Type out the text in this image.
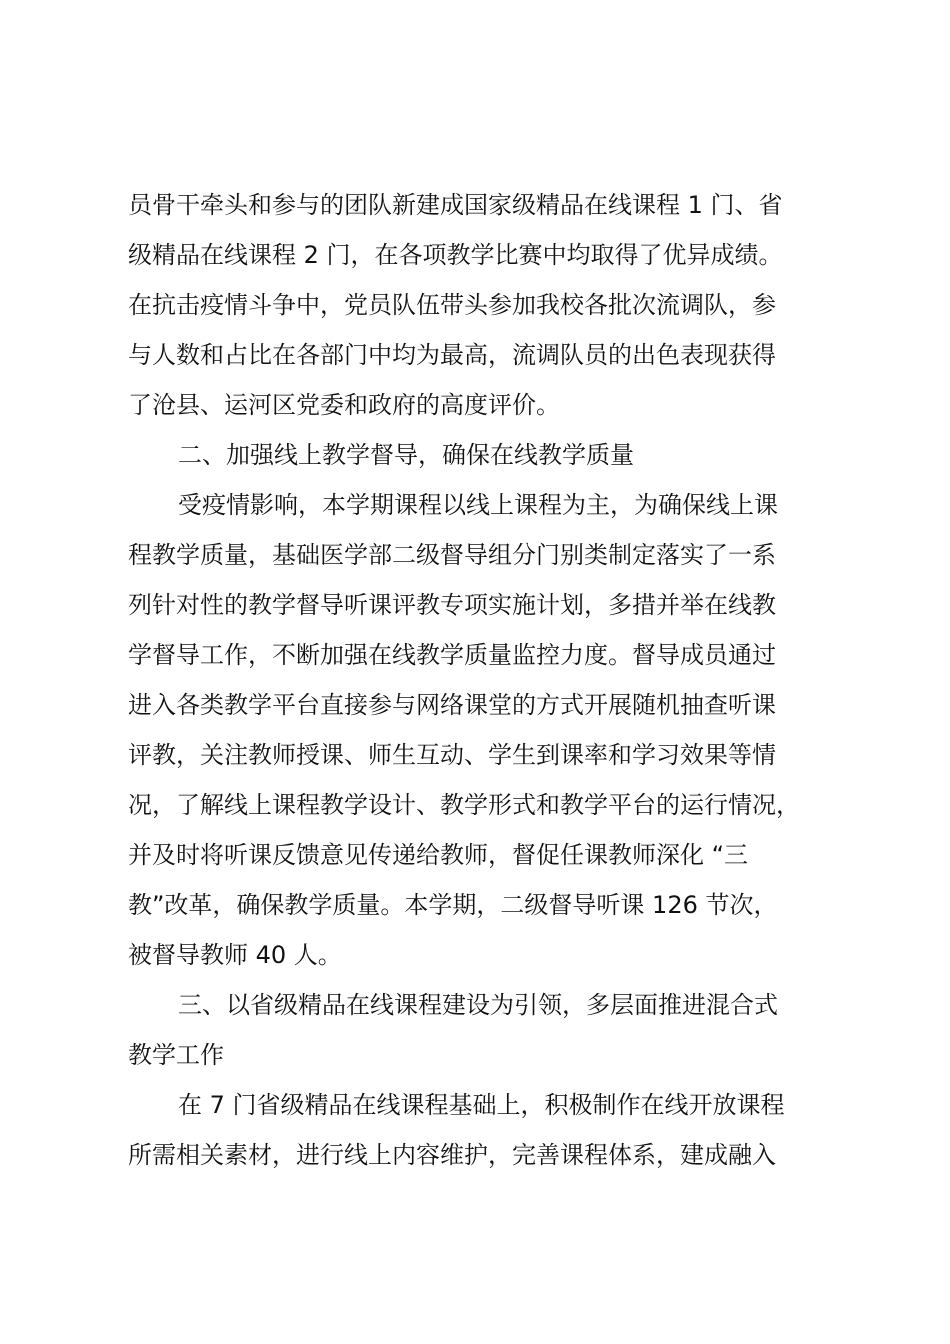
员骨干牵头和参与的团队新建成国家级精品在线课程 1 门、省
级精品在线课程 2 门，在各项教学比赛中均取得了优异成绩。
在抗击疫情斗争中，党员队伍带头参加我校各批次流调队，参
与人数和占比在各部门中均为最高，流调队员的出色表现获得
了沧县、运河区党委和政府的高度评价。
二、加强线上教学督导，确保在线教学质量
受疫情影响，本学期课程以线上课程为主，为确保线上课
程教学质量，基础医学部二级督导组分门别类制定落实了一系
列针对性的教学督导听课评教专项实施计划，多措并举在线教
学督导工作，不断加强在线教学质量监控力度。督导成员通过
进入各类教学平台直接参与网络课堂的方式开展随机抽查听课
评教，关注教师授课、师生互动、学生到课率和学习效果等情
况，了解线上课程教学设计、教学形式和教学平台的运行情况，
并及时将听课反馈意见传递给教师，督促任课教师深化 “三
教”改革，确保教学质量。本学期，二级督导听课 126 节次，
被督导教师 40 人。
三、以省级精品在线课程建设为引领，多层面推进混合式
教学工作
在 7 门省级精品在线课程基础上，积极制作在线开放课程
所需相关素材，进行线上内容维护，完善课程体系，建成融入
